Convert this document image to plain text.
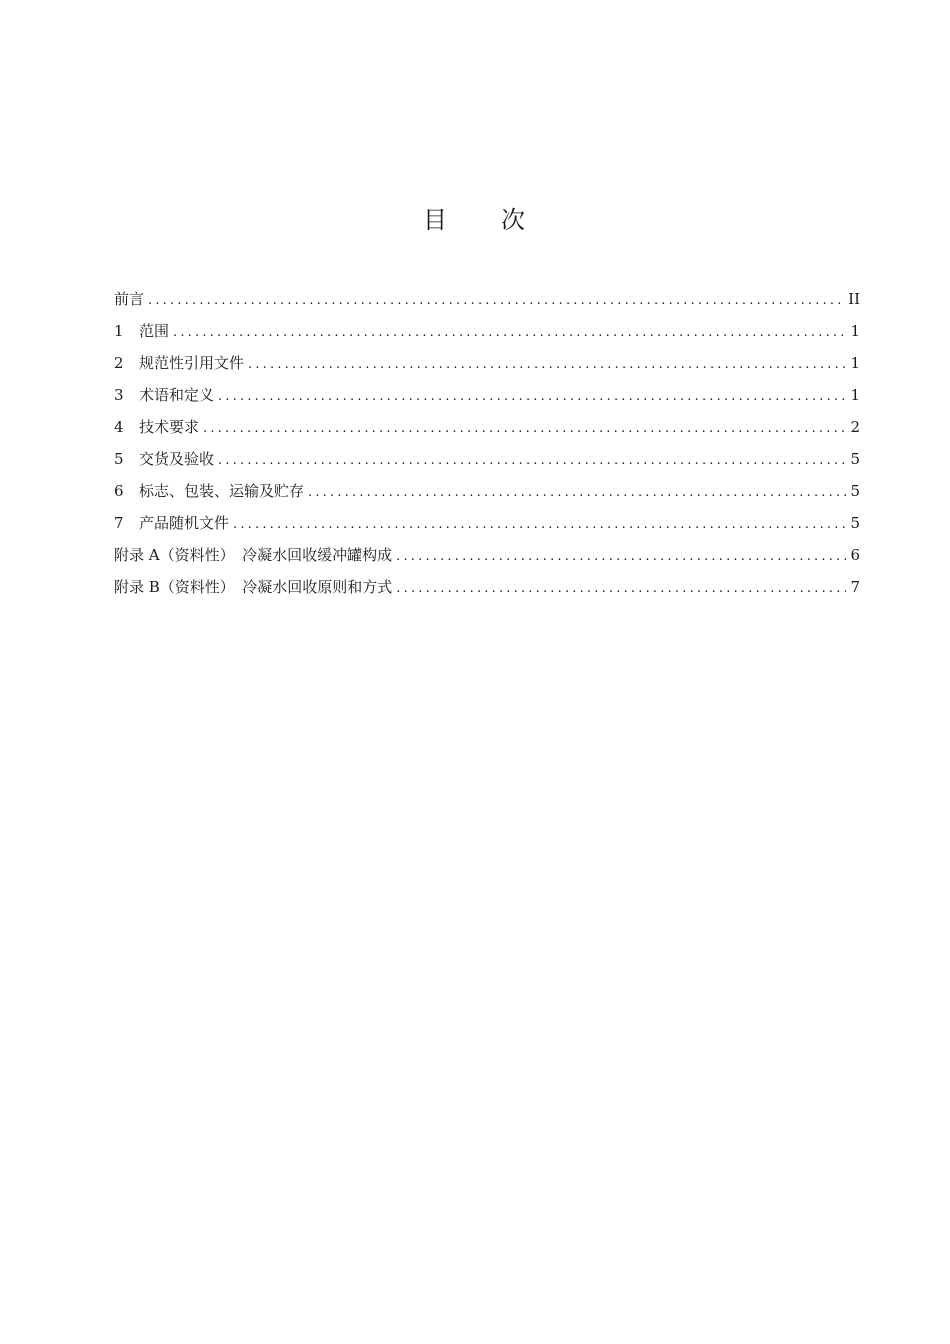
目 次
前言 .....	II
1	范围 .....	1
2	规范性引用文件 .....	1
3	术语和定义 .....	1
4	技术要求 .....	2
5	交货及验收 .....	5
6	标志、包装、运输及贮存 .....	5
7	产品随机文件 .....	5
附录 A（资料性）　冷凝水回收缓冲罐构成 .....	6
附录 B（资料性）　冷凝水回收原则和方式 .....	7
